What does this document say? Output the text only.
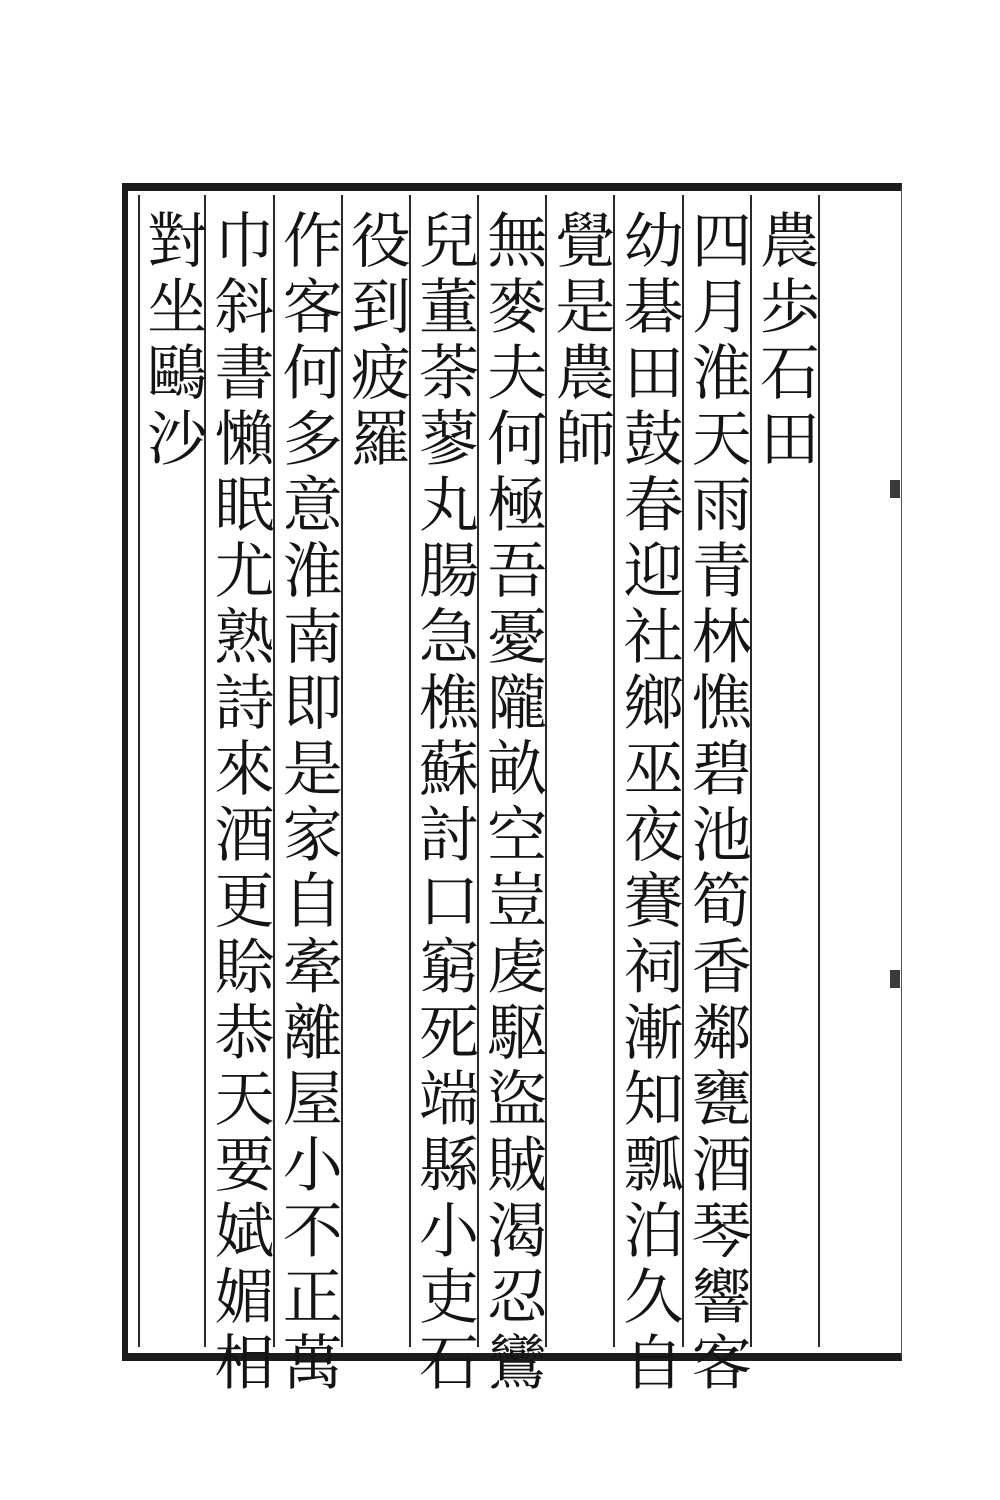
農歩石田
四月淮天雨青林憔碧池筍香鄰甕酒琴響客
幼碁田鼓春迎社鄉巫夜賽祠漸知瓢泊久自
覺是農師
無麥夫何極吾憂隴畝空豈䖍駆盜賊渴忍鸞
兒董荼蓼丸腸急樵蘇討口窮死端縣小吏石
役到疲羅
作客何多意淮南即是家自牽離屋小不正萬
巾斜書懶眠尤熟詩來酒更賒恭天要娬媚相
對坐鷗沙
